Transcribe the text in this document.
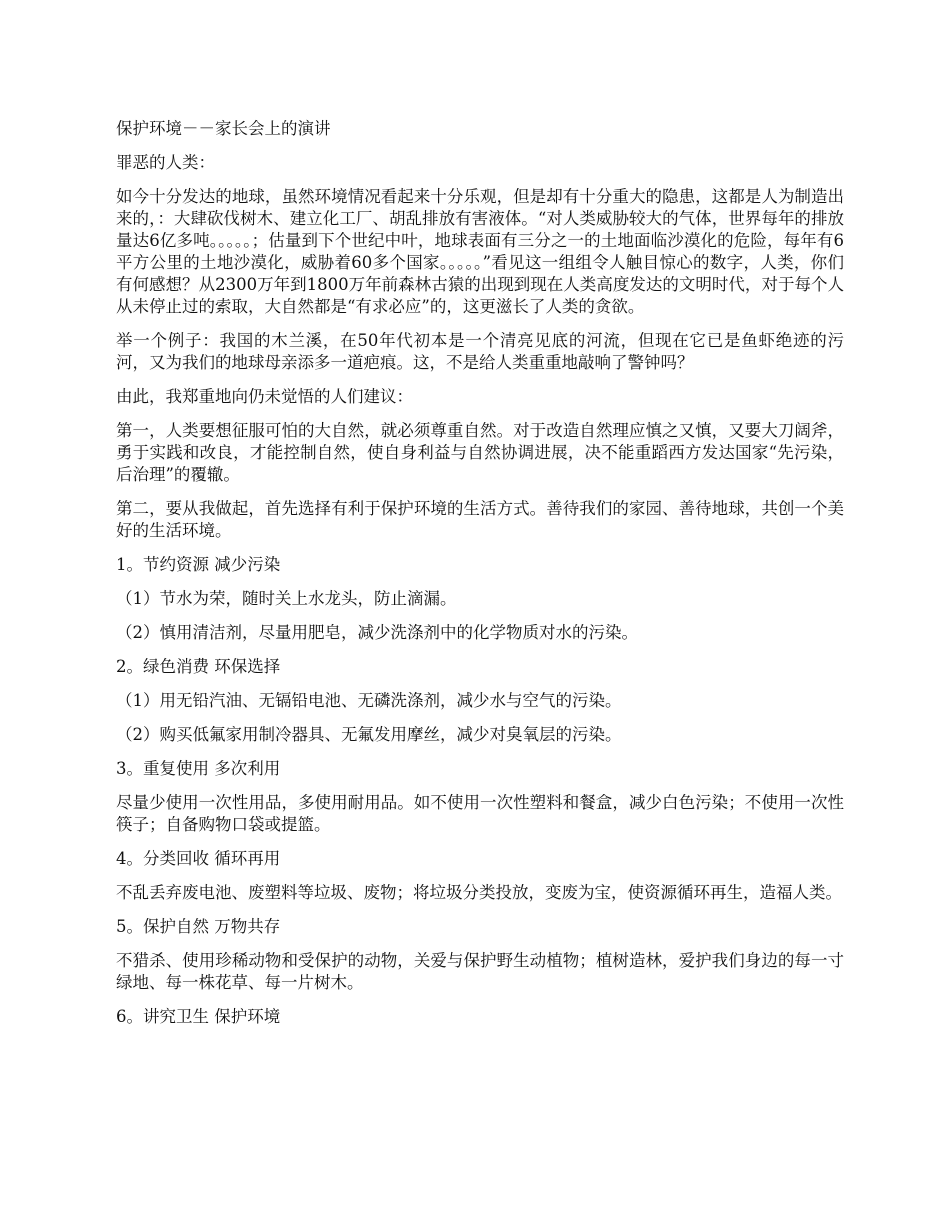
保护环境－－家长会上的演讲

罪恶的人类：

如今十分发达的地球，虽然环境情况看起来十分乐观，但是却有十分重大的隐患，这都是人为制造出来的，：大肆砍伐树木、建立化工厂、胡乱排放有害液体。“对人类威胁较大的气体，世界每年的排放量达6亿多吨。。。。。；估量到下个世纪中叶，地球表面有三分之一的土地面临沙漠化的危险，每年有6平方公里的土地沙漠化，威胁着60多个国家。。。。。”看见这一组组令人触目惊心的数字，人类，你们有何感想？从2300万年到1800万年前森林古猿的出现到现在人类高度发达的文明时代，对于每个人从未停止过的索取，大自然都是“有求必应”的，这更滋长了人类的贪欲。

举一个例子：我国的木兰溪，在50年代初本是一个清亮见底的河流，但现在它已是鱼虾绝迹的污河，又为我们的地球母亲添多一道疤痕。这，不是给人类重重地敲响了警钟吗？

由此，我郑重地向仍未觉悟的人们建议：

第一，人类要想征服可怕的大自然，就必须尊重自然。对于改造自然理应慎之又慎，又要大刀阔斧，勇于实践和改良，才能控制自然，使自身利益与自然协调进展，决不能重蹈西方发达国家“先污染，后治理”的覆辙。

第二，要从我做起，首先选择有利于保护环境的生活方式。善待我们的家园、善待地球，共创一个美好的生活环境。

1。节约资源 减少污染

（1）节水为荣，随时关上水龙头，防止滴漏。

（2）慎用清洁剂，尽量用肥皂，减少洗涤剂中的化学物质对水的污染。

2。绿色消费 环保选择

（1）用无铅汽油、无镉铅电池、无磷洗涤剂，减少水与空气的污染。

（2）购买低氟家用制冷器具、无氟发用摩丝，减少对臭氧层的污染。

3。重复使用 多次利用

尽量少使用一次性用品，多使用耐用品。如不使用一次性塑料和餐盒，减少白色污染；不使用一次性筷子；自备购物口袋或提篮。

4。分类回收 循环再用

不乱丢弃废电池、废塑料等垃圾、废物；将垃圾分类投放，变废为宝，使资源循环再生，造福人类。

5。保护自然 万物共存

不猎杀、使用珍稀动物和受保护的动物，关爱与保护野生动植物；植树造林，爱护我们身边的每一寸绿地、每一株花草、每一片树木。

6。讲究卫生 保护环境
